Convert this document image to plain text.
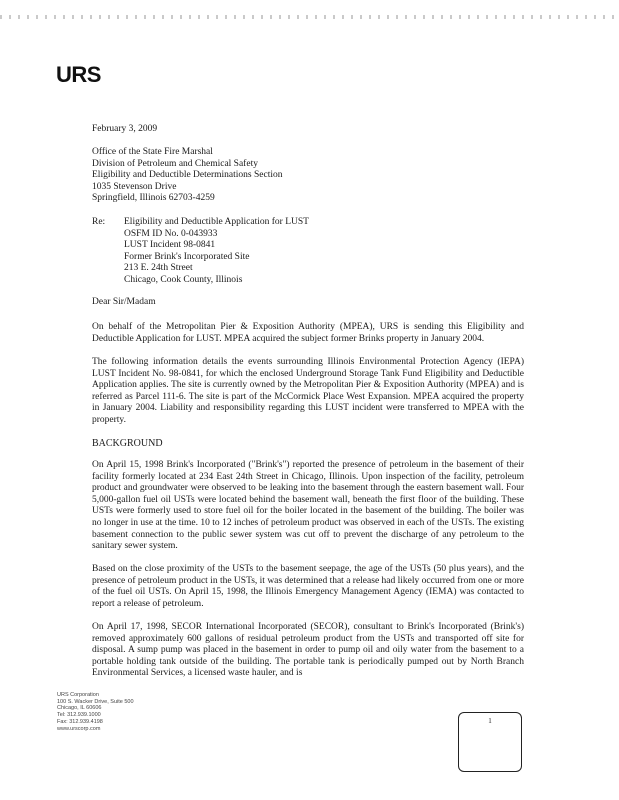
URS
February 3, 2009
Office of the State Fire Marshal
Division of Petroleum and Chemical Safety
Eligibility and Deductible Determinations Section
1035 Stevenson Drive
Springfield, Illinois 62703-4259
Re: Eligibility and Deductible Application for LUST
OSFM ID No. 0-043933
LUST Incident 98-0841
Former Brink's Incorporated Site
213 E. 24th Street
Chicago, Cook County, Illinois
Dear Sir/Madam
On behalf of the Metropolitan Pier & Exposition Authority (MPEA), URS is sending this Eligibility and Deductible Application for LUST. MPEA acquired the subject former Brinks property in January 2004.
The following information details the events surrounding Illinois Environmental Protection Agency (IEPA) LUST Incident No. 98-0841, for which the enclosed Underground Storage Tank Fund Eligibility and Deductible Application applies. The site is currently owned by the Metropolitan Pier & Exposition Authority (MPEA) and is referred as Parcel 111-6. The site is part of the McCormick Place West Expansion. MPEA acquired the property in January 2004. Liability and responsibility regarding this LUST incident were transferred to MPEA with the property.
BACKGROUND
On April 15, 1998 Brink's Incorporated ("Brink's") reported the presence of petroleum in the basement of their facility formerly located at 234 East 24th Street in Chicago, Illinois. Upon inspection of the facility, petroleum product and groundwater were observed to be leaking into the basement through the eastern basement wall. Four 5,000-gallon fuel oil USTs were located behind the basement wall, beneath the first floor of the building. These USTs were formerly used to store fuel oil for the boiler located in the basement of the building. The boiler was no longer in use at the time. 10 to 12 inches of petroleum product was observed in each of the USTs. The existing basement connection to the public sewer system was cut off to prevent the discharge of any petroleum to the sanitary sewer system.
Based on the close proximity of the USTs to the basement seepage, the age of the USTs (50 plus years), and the presence of petroleum product in the USTs, it was determined that a release had likely occurred from one or more of the fuel oil USTs. On April 15, 1998, the Illinois Emergency Management Agency (IEMA) was contacted to report a release of petroleum.
On April 17, 1998, SECOR International Incorporated (SECOR), consultant to Brink's Incorporated (Brink's) removed approximately 600 gallons of residual petroleum product from the USTs and transported off site for disposal. A sump pump was placed in the basement in order to pump oil and oily water from the basement to a portable holding tank outside of the building. The portable tank is periodically pumped out by North Branch Environmental Services, a licensed waste hauler, and is
URS Corporation
100 S. Wacker Drive, Suite 500
Chicago, IL 60606
Tel: 312.939.1000
Fax: 312.939.4198
www.urscorp.com
1
